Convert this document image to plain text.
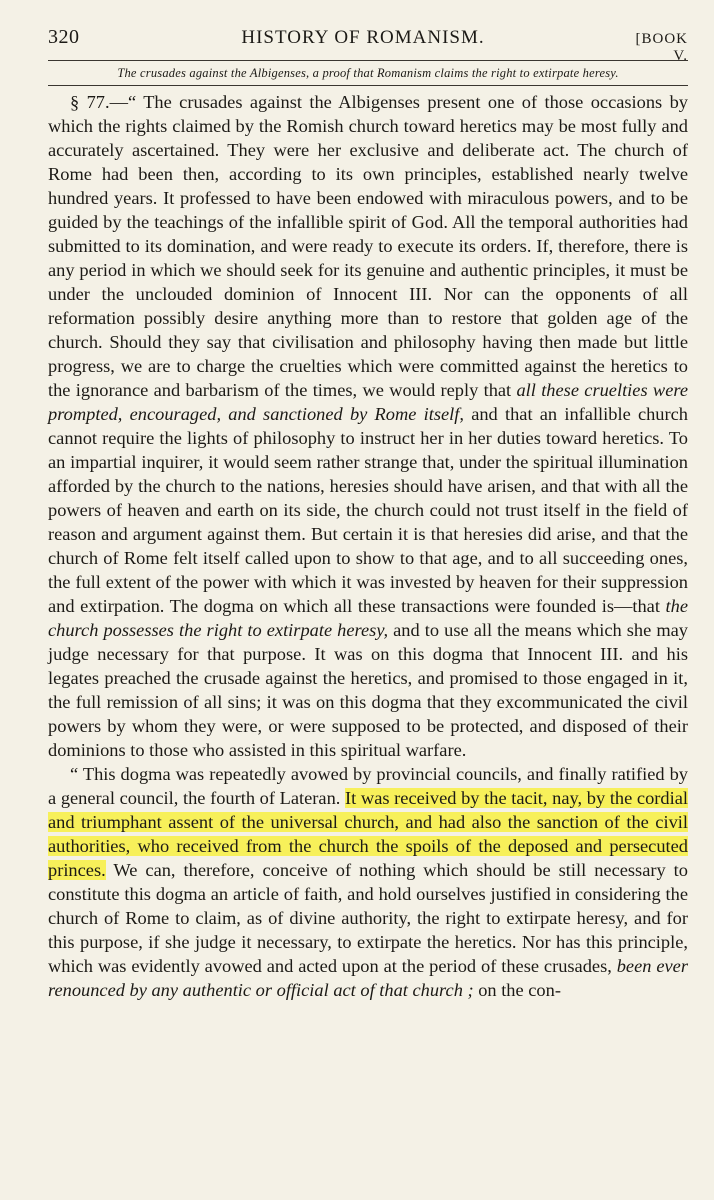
320	HISTORY OF ROMANISM.	[BOOK V.
The crusades against the Albigenses, a proof that Romanism claims the right to extirpate heresy.

§ 77.—“ The crusades against the Albigenses present one of those occasions by which the rights claimed by the Romish church toward heretics may be most fully and accurately ascertained. They were her exclusive and deliberate act. The church of Rome had been then, according to its own principles, established nearly twelve hundred years. It professed to have been endowed with miraculous powers, and to be guided by the teachings of the infallible spirit of God. All the temporal authorities had submitted to its domination, and were ready to execute its orders. If, therefore, there is any period in which we should seek for its genuine and authentic principles, it must be under the unclouded dominion of Innocent III. Nor can the opponents of all reformation possibly desire anything more than to restore that golden age of the church. Should they say that civilisation and philosophy having then made but little progress, we are to charge the cruelties which were committed against the heretics to the ignorance and barbarism of the times, we would reply that all these cruelties were prompted, encouraged, and sanctioned by Rome itself, and that an infallible church cannot require the lights of philosophy to instruct her in her duties toward heretics. To an impartial inquirer, it would seem rather strange that, under the spiritual illumination afforded by the church to the nations, heresies should have arisen, and that with all the powers of heaven and earth on its side, the church could not trust itself in the field of reason and argument against them. But certain it is that heresies did arise, and that the church of Rome felt itself called upon to show to that age, and to all succeeding ones, the full extent of the power with which it was invested by heaven for their suppression and extirpation. The dogma on which all these transactions were founded is—that the church possesses the right to extirpate heresy, and to use all the means which she may judge necessary for that purpose. It was on this dogma that Innocent III. and his legates preached the crusade against the heretics, and promised to those engaged in it, the full remission of all sins; it was on this dogma that they excommunicated the civil powers by whom they were, or were supposed to be protected, and disposed of their dominions to those who assisted in this spiritual warfare.

“ This dogma was repeatedly avowed by provincial councils, and finally ratified by a general council, the fourth of Lateran. It was received by the tacit, nay, by the cordial and triumphant assent of the universal church, and had also the sanction of the civil authorities, who received from the church the spoils of the deposed and persecuted princes. We can, therefore, conceive of nothing which should be still necessary to constitute this dogma an article of faith, and hold ourselves justified in considering the church of Rome to claim, as of divine authority, the right to extirpate heresy, and for this purpose, if she judge it necessary, to extirpate the heretics. Nor has this principle, which was evidently avowed and acted upon at the period of these crusades, been ever renounced by any authentic or official act of that church ; on the con-
